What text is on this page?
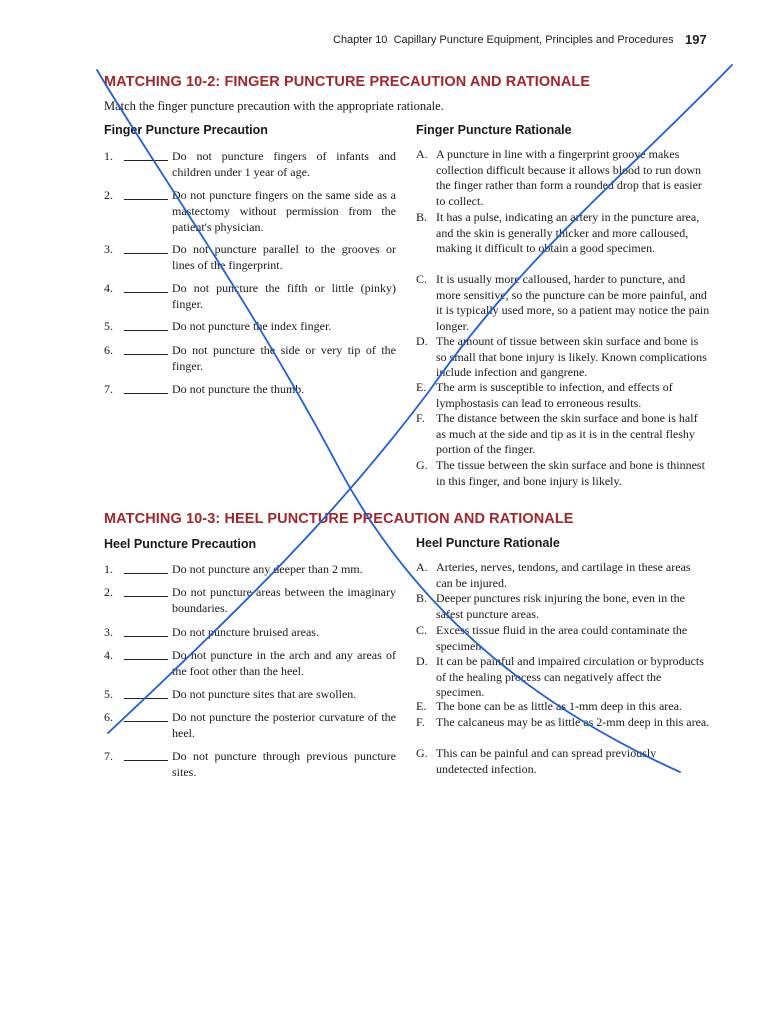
Chapter 10 Capillary Puncture Equipment, Principles and Procedures 197
MATCHING 10-2: FINGER PUNCTURE PRECAUTION AND RATIONALE
Match the finger puncture precaution with the appropriate rationale.
Finger Puncture Precaution	Finger Puncture Rationale
1.	Do not puncture fingers of infants and children under 1 year of age.
2.	Do not puncture fingers on the same side as a mastectomy without permission from the patient's physician.
3.	Do not puncture parallel to the grooves or lines of the fingerprint.
4.	Do not puncture the fifth or little (pinky) finger.
5.	Do not puncture the index finger.
6.	Do not puncture the side or very tip of the finger.
7.	Do not puncture the thumb.
A. A puncture in line with a fingerprint groove makes collection difficult because it allows blood to run down the finger rather than form a rounded drop that is easier to collect.
B. It has a pulse, indicating an artery in the puncture area, and the skin is generally thicker and more calloused, making it difficult to obtain a good specimen.
C. It is usually more calloused, harder to puncture, and more sensitive, so the puncture can be more painful, and it is typically used more, so a patient may notice the pain longer.
D. The amount of tissue between skin surface and bone is so small that bone injury is likely. Known complications include infection and gangrene.
E. The arm is susceptible to infection, and effects of lymphostasis can lead to erroneous results.
F. The distance between the skin surface and bone is half as much at the side and tip as it is in the central fleshy portion of the finger.
G. The tissue between the skin surface and bone is thinnest in this finger, and bone injury is likely.
MATCHING 10-3: HEEL PUNCTURE PRECAUTION AND RATIONALE
Heel Puncture Precaution	Heel Puncture Rationale
1.	Do not puncture any deeper than 2 mm.
2.	Do not puncture areas between the imaginary boundaries.
3.	Do not puncture bruised areas.
4.	Do not puncture in the arch and any areas of the foot other than the heel.
5.	Do not puncture sites that are swollen.
6.	Do not puncture the posterior curvature of the heel.
7.	Do not puncture through previous puncture sites.
A. Arteries, nerves, tendons, and cartilage in these areas can be injured.
B. Deeper punctures risk injuring the bone, even in the safest puncture areas.
C. Excess tissue fluid in the area could contaminate the specimen.
D. It can be painful and impaired circulation or byproducts of the healing process can negatively affect the specimen.
E. The bone can be as little as 1-mm deep in this area.
F. The calcaneus may be as little as 2-mm deep in this area.
G. This can be painful and can spread previously undetected infection.
